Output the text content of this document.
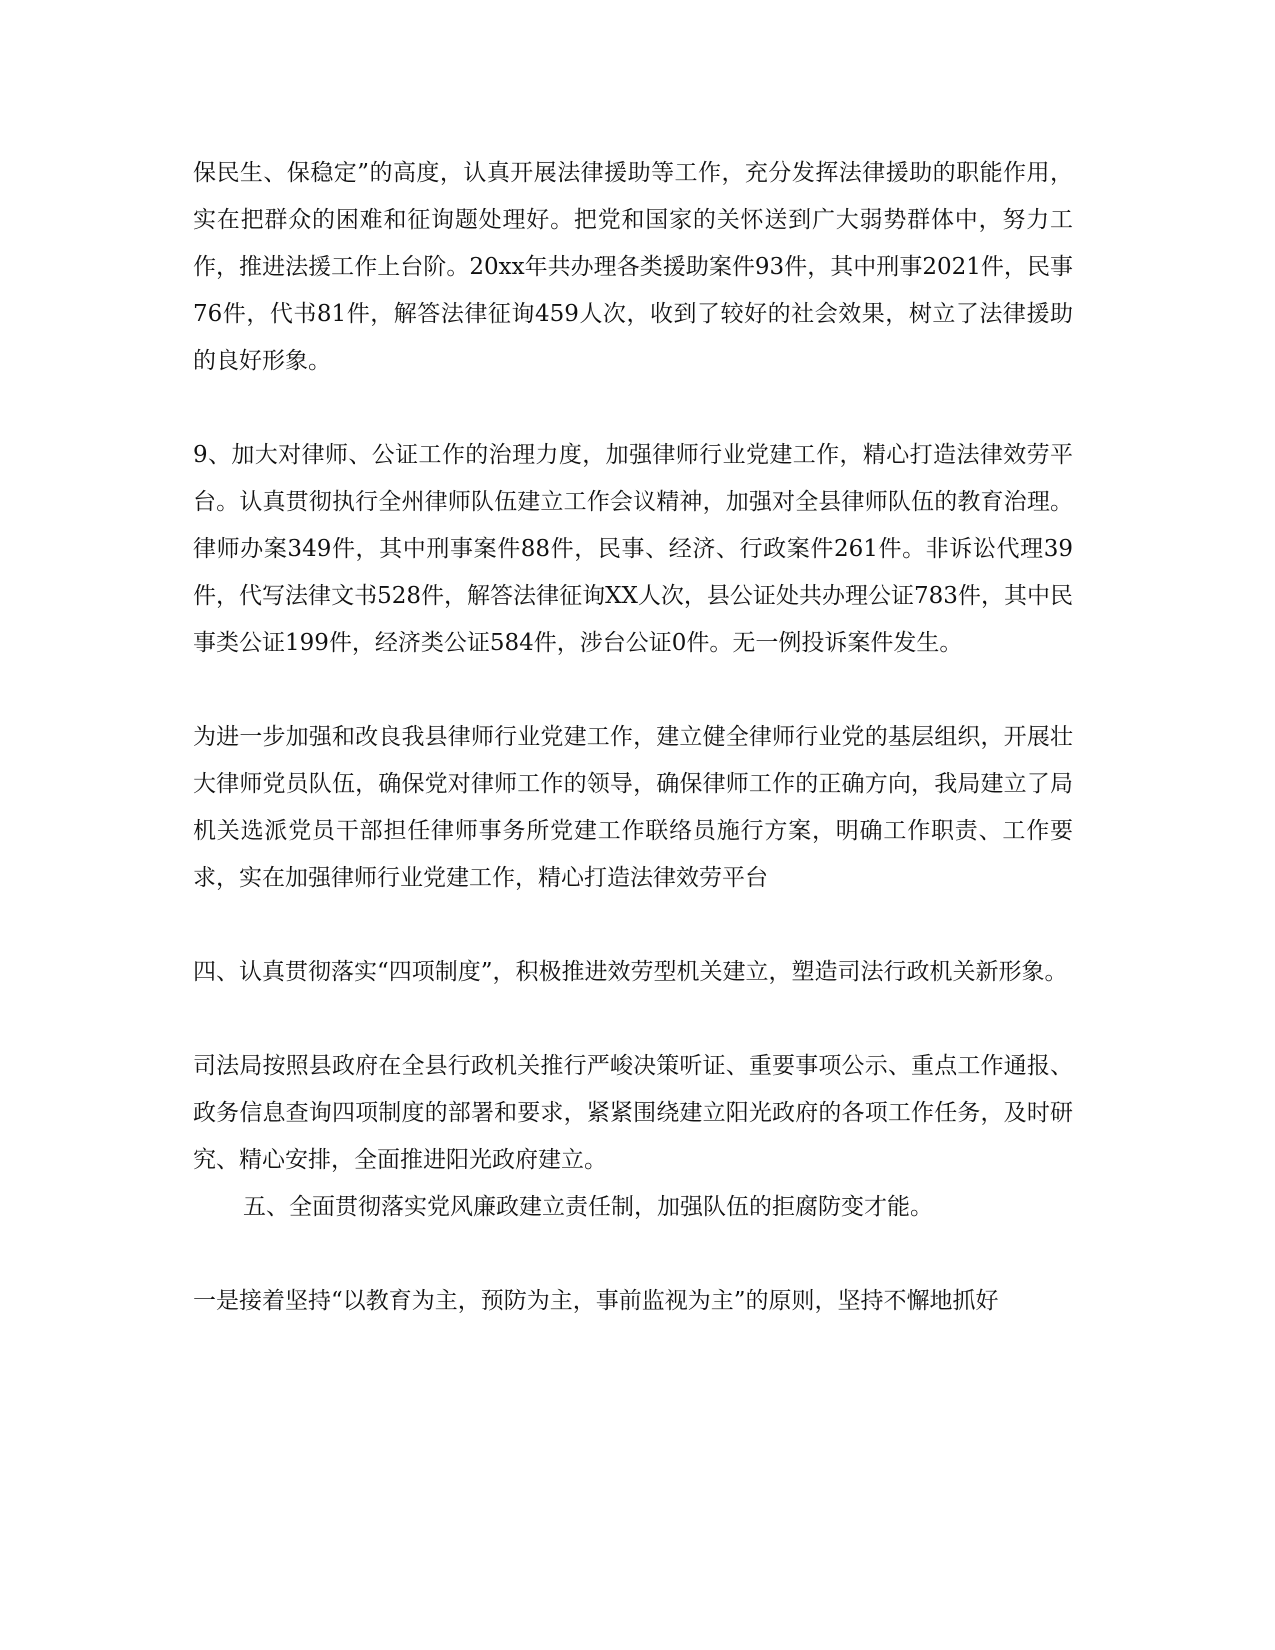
保民生、保稳定”的高度，认真开展法律援助等工作，充分发挥法律援助的职能作用，实在把群众的困难和征询题处理好。把党和国家的关怀送到广大弱势群体中，努力工作，推进法援工作上台阶。20xx年共办理各类援助案件93件，其中刑事2021件，民事76件，代书81件，解答法律征询459人次，收到了较好的社会效果，树立了法律援助的良好形象。

9、加大对律师、公证工作的治理力度，加强律师行业党建工作，精心打造法律效劳平台。认真贯彻执行全州律师队伍建立工作会议精神，加强对全县律师队伍的教育治理。律师办案349件，其中刑事案件88件，民事、经济、行政案件261件。非诉讼代理39件，代写法律文书528件，解答法律征询XX人次，县公证处共办理公证783件，其中民事类公证199件，经济类公证584件，涉台公证0件。无一例投诉案件发生。

为进一步加强和改良我县律师行业党建工作，建立健全律师行业党的基层组织，开展壮大律师党员队伍，确保党对律师工作的领导，确保律师工作的正确方向，我局建立了局机关选派党员干部担任律师事务所党建工作联络员施行方案，明确工作职责、工作要求，实在加强律师行业党建工作，精心打造法律效劳平台

四、认真贯彻落实“四项制度”，积极推进效劳型机关建立，塑造司法行政机关新形象。

司法局按照县政府在全县行政机关推行严峻决策听证、重要事项公示、重点工作通报、政务信息查询四项制度的部署和要求，紧紧围绕建立阳光政府的各项工作任务，及时研究、精心安排，全面推进阳光政府建立。

五、全面贯彻落实党风廉政建立责任制，加强队伍的拒腐防变才能。

一是接着坚持“以教育为主，预防为主，事前监视为主”的原则，坚持不懈地抓好
